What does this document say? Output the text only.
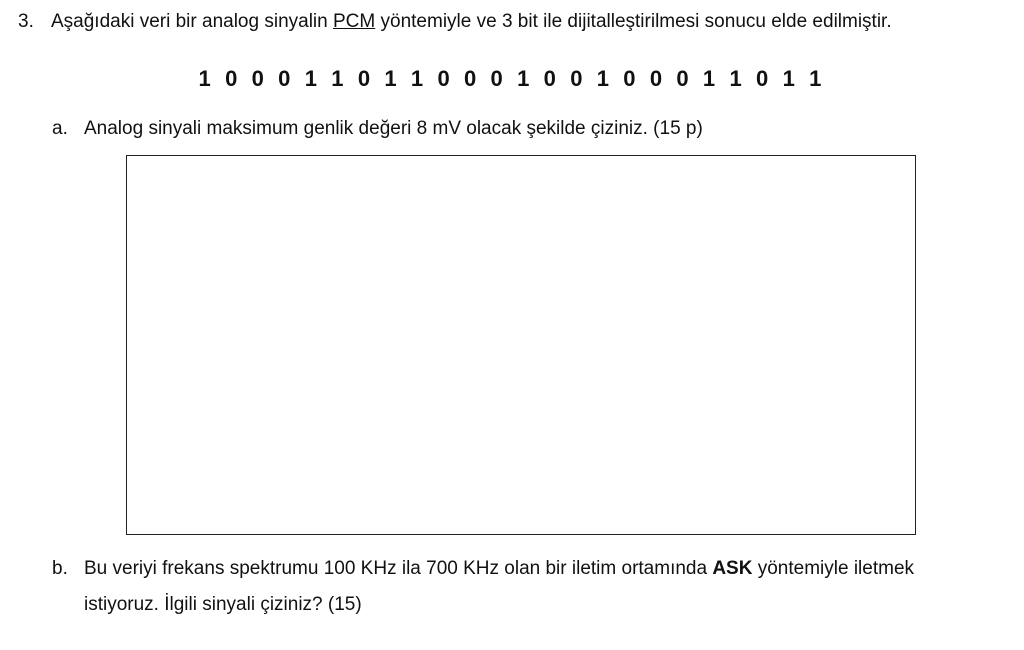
3. Aşağıdaki veri bir analog sinyalin PCM yöntemiyle ve 3 bit ile dijitalleştirilmesi sonucu elde edilmiştir.
1 0 0 0 1 1 0 1 1 0 0 0 1 0 0 1 0 0 0 1 1 0 1 1
a. Analog sinyali maksimum genlik değeri 8 mV olacak şekilde çiziniz. (15 p)
b. Bu veriyi frekans spektrumu 100 KHz ila 700 KHz olan bir iletim ortamında ASK yöntemiyle iletmek
istiyoruz. İlgili sinyali çiziniz? (15)
